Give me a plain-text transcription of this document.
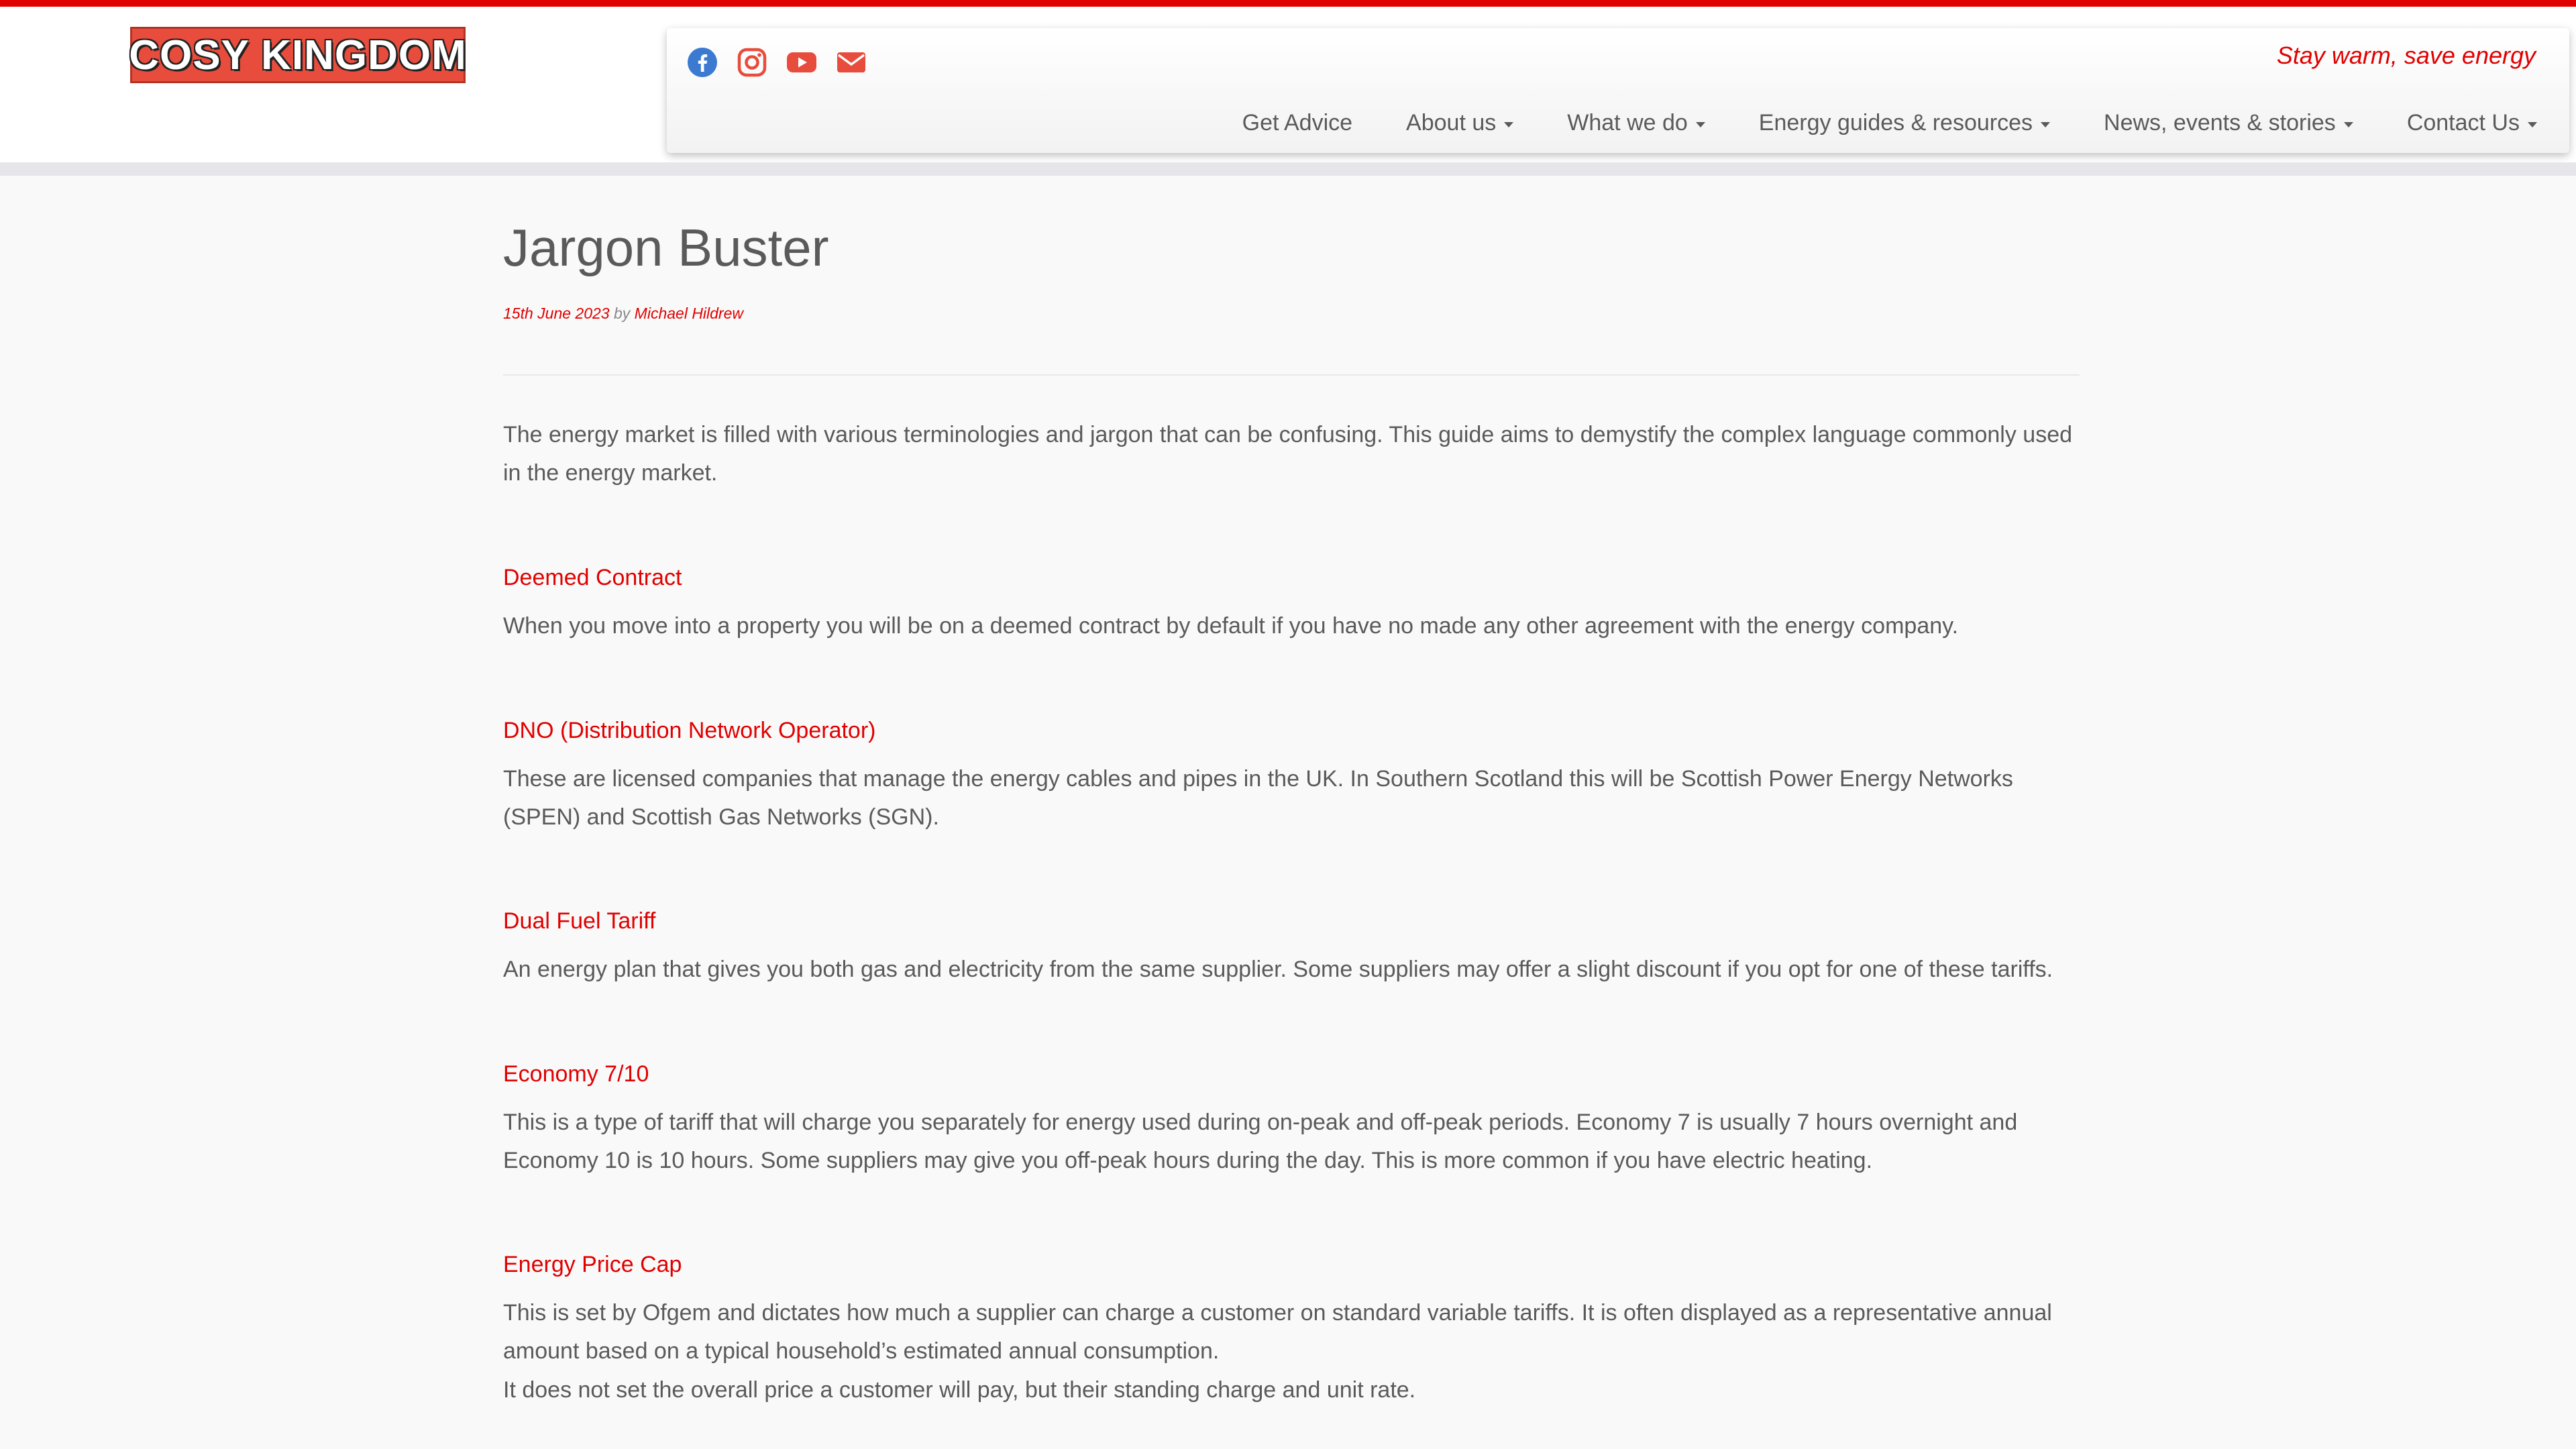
COSY KINGDOM	Stay warm, save energy
Get Advice About us	What we do	Energy guides & resources	News, events & stories	Contact Us
Jargon Buster
15th June 2023 by Michael Hildrew

The energy market is filled with various terminologies and jargon that can be confusing. This guide aims to demystify the complex language commonly used in the energy market.

Deemed Contract

When you move into a property you will be on a deemed contract by default if you have no made any other agreement with the energy company.

DNO (Distribution Network Operator)

These are licensed companies that manage the energy cables and pipes in the UK. In Southern Scotland this will be Scottish Power Energy Networks (SPEN) and Scottish Gas Networks (SGN).

Dual Fuel Tariff

An energy plan that gives you both gas and electricity from the same supplier. Some suppliers may offer a slight discount if you opt for one of these tariffs.

Economy 7/10

This is a type of tariff that will charge you separately for energy used during on-peak and off-peak periods. Economy 7 is usually 7 hours overnight and Economy 10 is 10 hours. Some suppliers may give you off-peak hours during the day. This is more common if you have electric heating.

Energy Price Cap

This is set by Ofgem and dictates how much a supplier can charge a customer on standard variable tariffs. It is often displayed as a representative annual amount based on a typical household’s estimated annual consumption.

It does not set the overall price a customer will pay, but their standing charge and unit rate.
